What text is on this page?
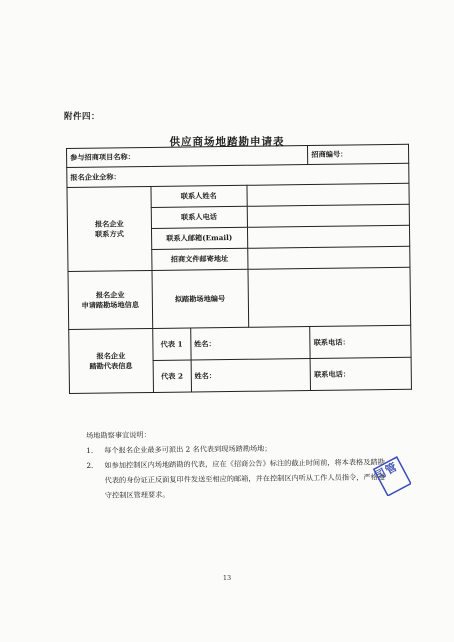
附件四：
供应商场地踏勘申请表
参与招商项目名称：				招商编号：
报名企业全称：				

报名企业
联系方式	联系人姓名			
	联系人电话			
	联系人邮箱(Email)			
	招商文件邮寄地址			

报名企业
申请踏勘场地信息	拟踏勘场地编号			

报名企业
踏勘代表信息	代表 1	姓名：		联系电话：
	代表 2	姓名：		联系电话：
场地勘察事宜说明：
1. 每个报名企业最多可派出 2 名代表到现场踏勘场地；
2. 如参加控制区内场地踏勘的代表，应在《招商公告》标注的截止时间前，将本表格及踏勘代表的身份证正反面复印件发送至相应的邮箱，并在控制区内听从工作人员指令，严格遵守控制区管理要求。
司管
13
